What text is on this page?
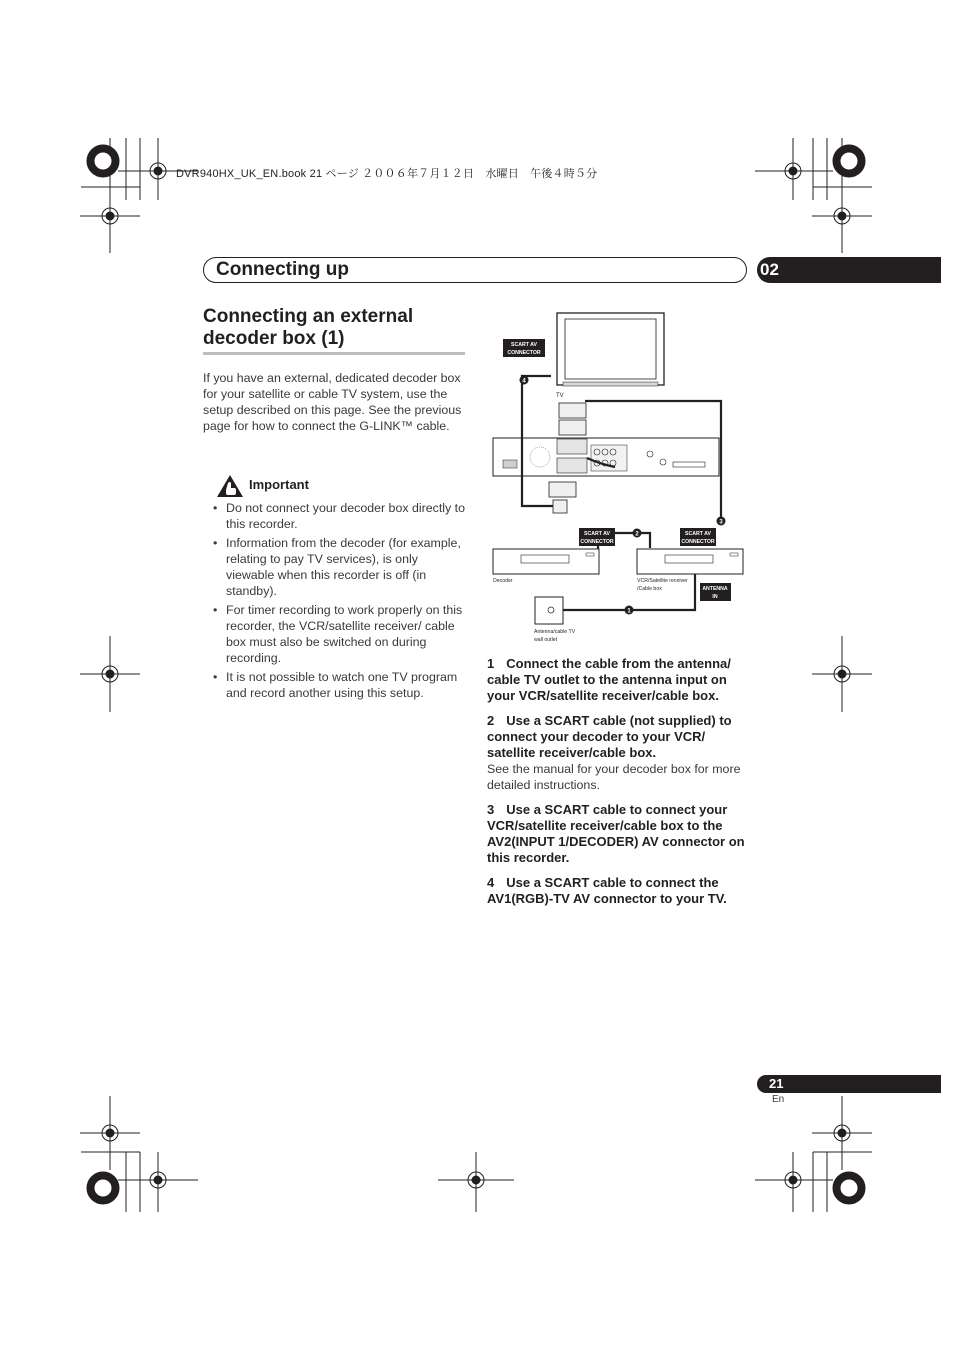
DVR940HX_UK_EN.book 21 ページ ２００６年７月１２日　水曜日　午後４時５分
Connecting up	02
Connecting an external decoder box (1)
If you have an external, dedicated decoder box for your satellite or cable TV system, use the setup described on this page. See the previous page for how to connect the G-LINK™ cable.
Important
• Do not connect your decoder box directly to this recorder.
• Information from the decoder (for example, relating to pay TV services), is only viewable when this recorder is off (in standby).
• For timer recording to work properly on this recorder, the VCR/satellite receiver/ cable box must also be switched on during recording.
• It is not possible to watch one TV program and record another using this setup.
TV
SCART AV
CONNECTOR
SCART AV
CONNECTOR
SCART AV
CONNECTOR
ANTENNA
IN
Decoder	VCR/Satellite receiver
/Cable box
Antenna/cable TV
wall outlet
1
2
3
4
1 Connect the cable from the antenna/ cable TV outlet to the antenna input on your VCR/satellite receiver/cable box.
2 Use a SCART cable (not supplied) to connect your decoder to your VCR/ satellite receiver/cable box.
See the manual for your decoder box for more detailed instructions.
3 Use a SCART cable to connect your VCR/satellite receiver/cable box to the AV2(INPUT 1/DECODER) AV connector on this recorder.
4 Use a SCART cable to connect the AV1(RGB)-TV AV connector to your TV.
21
En
